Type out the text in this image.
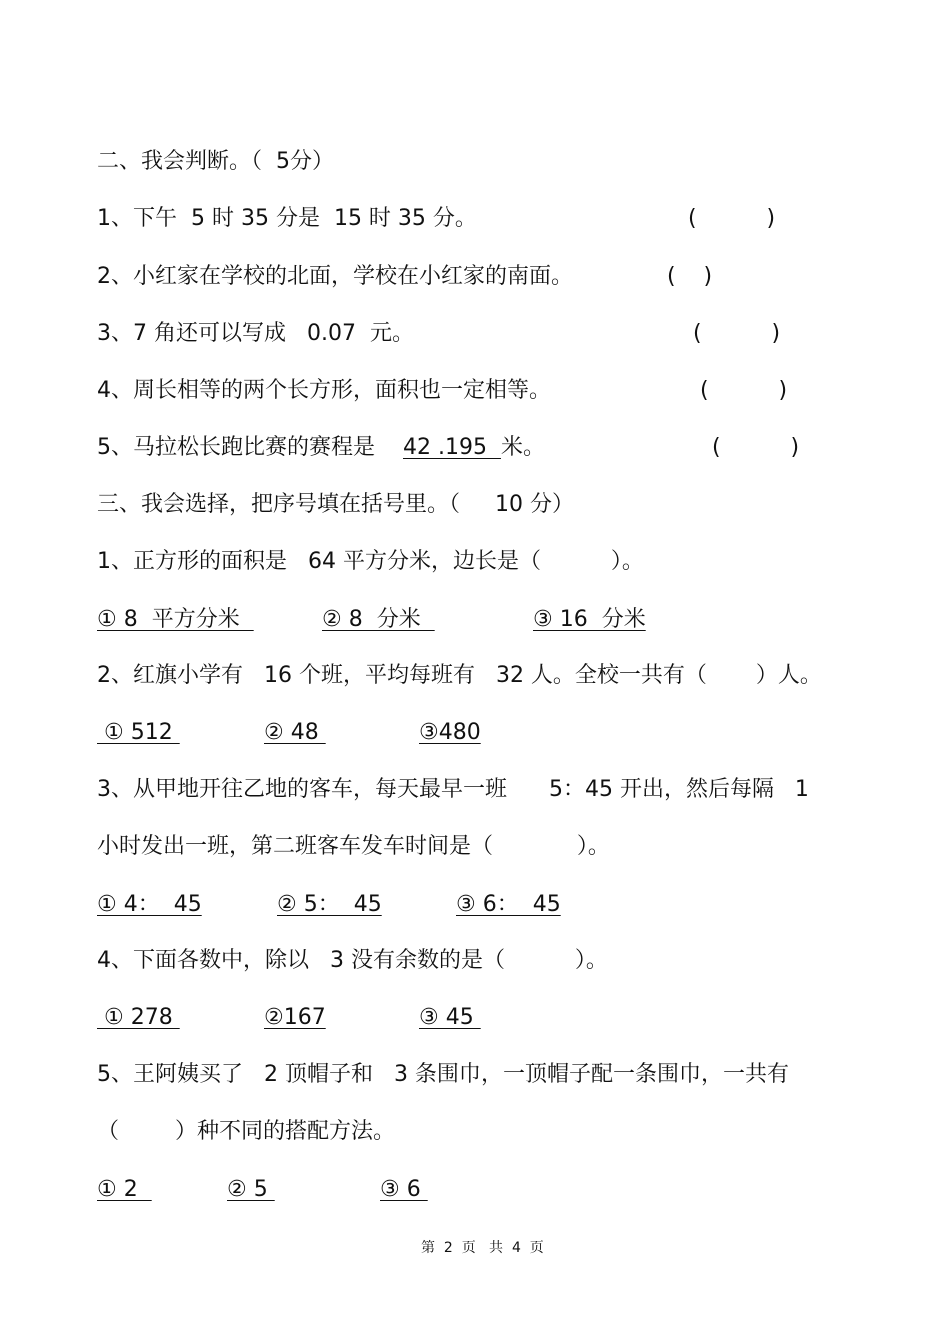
二、我会判断。（  5分）
1、下午  5 时 35 分是  15 时 35 分。	(          )
2、小红家在学校的北面，学校在小红家的南面。	(    )
3、7 角还可以写成   0.07  元。	(          )
4、周长相等的两个长方形，面积也一定相等。	(          )
5、马拉松长跑比赛的赛程是 42 .195  米。	(          )
三、我会选择，把序号填在括号里。（     10 分）
1、正方形的面积是   64 平方分米，边长是（          ）。
① 8  平方分米	② 8  分米	③ 16  分米
2、红旗小学有   16 个班，平均每班有   32 人。全校一共有（       ）人。
① 512	② 48	③480
3、从甲地开往乙地的客车，每天最早一班      5：45 开出，然后每隔   1
小时发出一班，第二班客车发车时间是（            ）。
① 4：  45	② 5：  45	③ 6：  45
4、下面各数中，除以   3 没有余数的是（          ）。
① 278	②167	③ 45
5、王阿姨买了   2 顶帽子和   3 条围巾，一顶帽子配一条围巾，一共有
（        ）种不同的搭配方法。
① 2	② 5	③ 6
第  2  页   共  4  页
